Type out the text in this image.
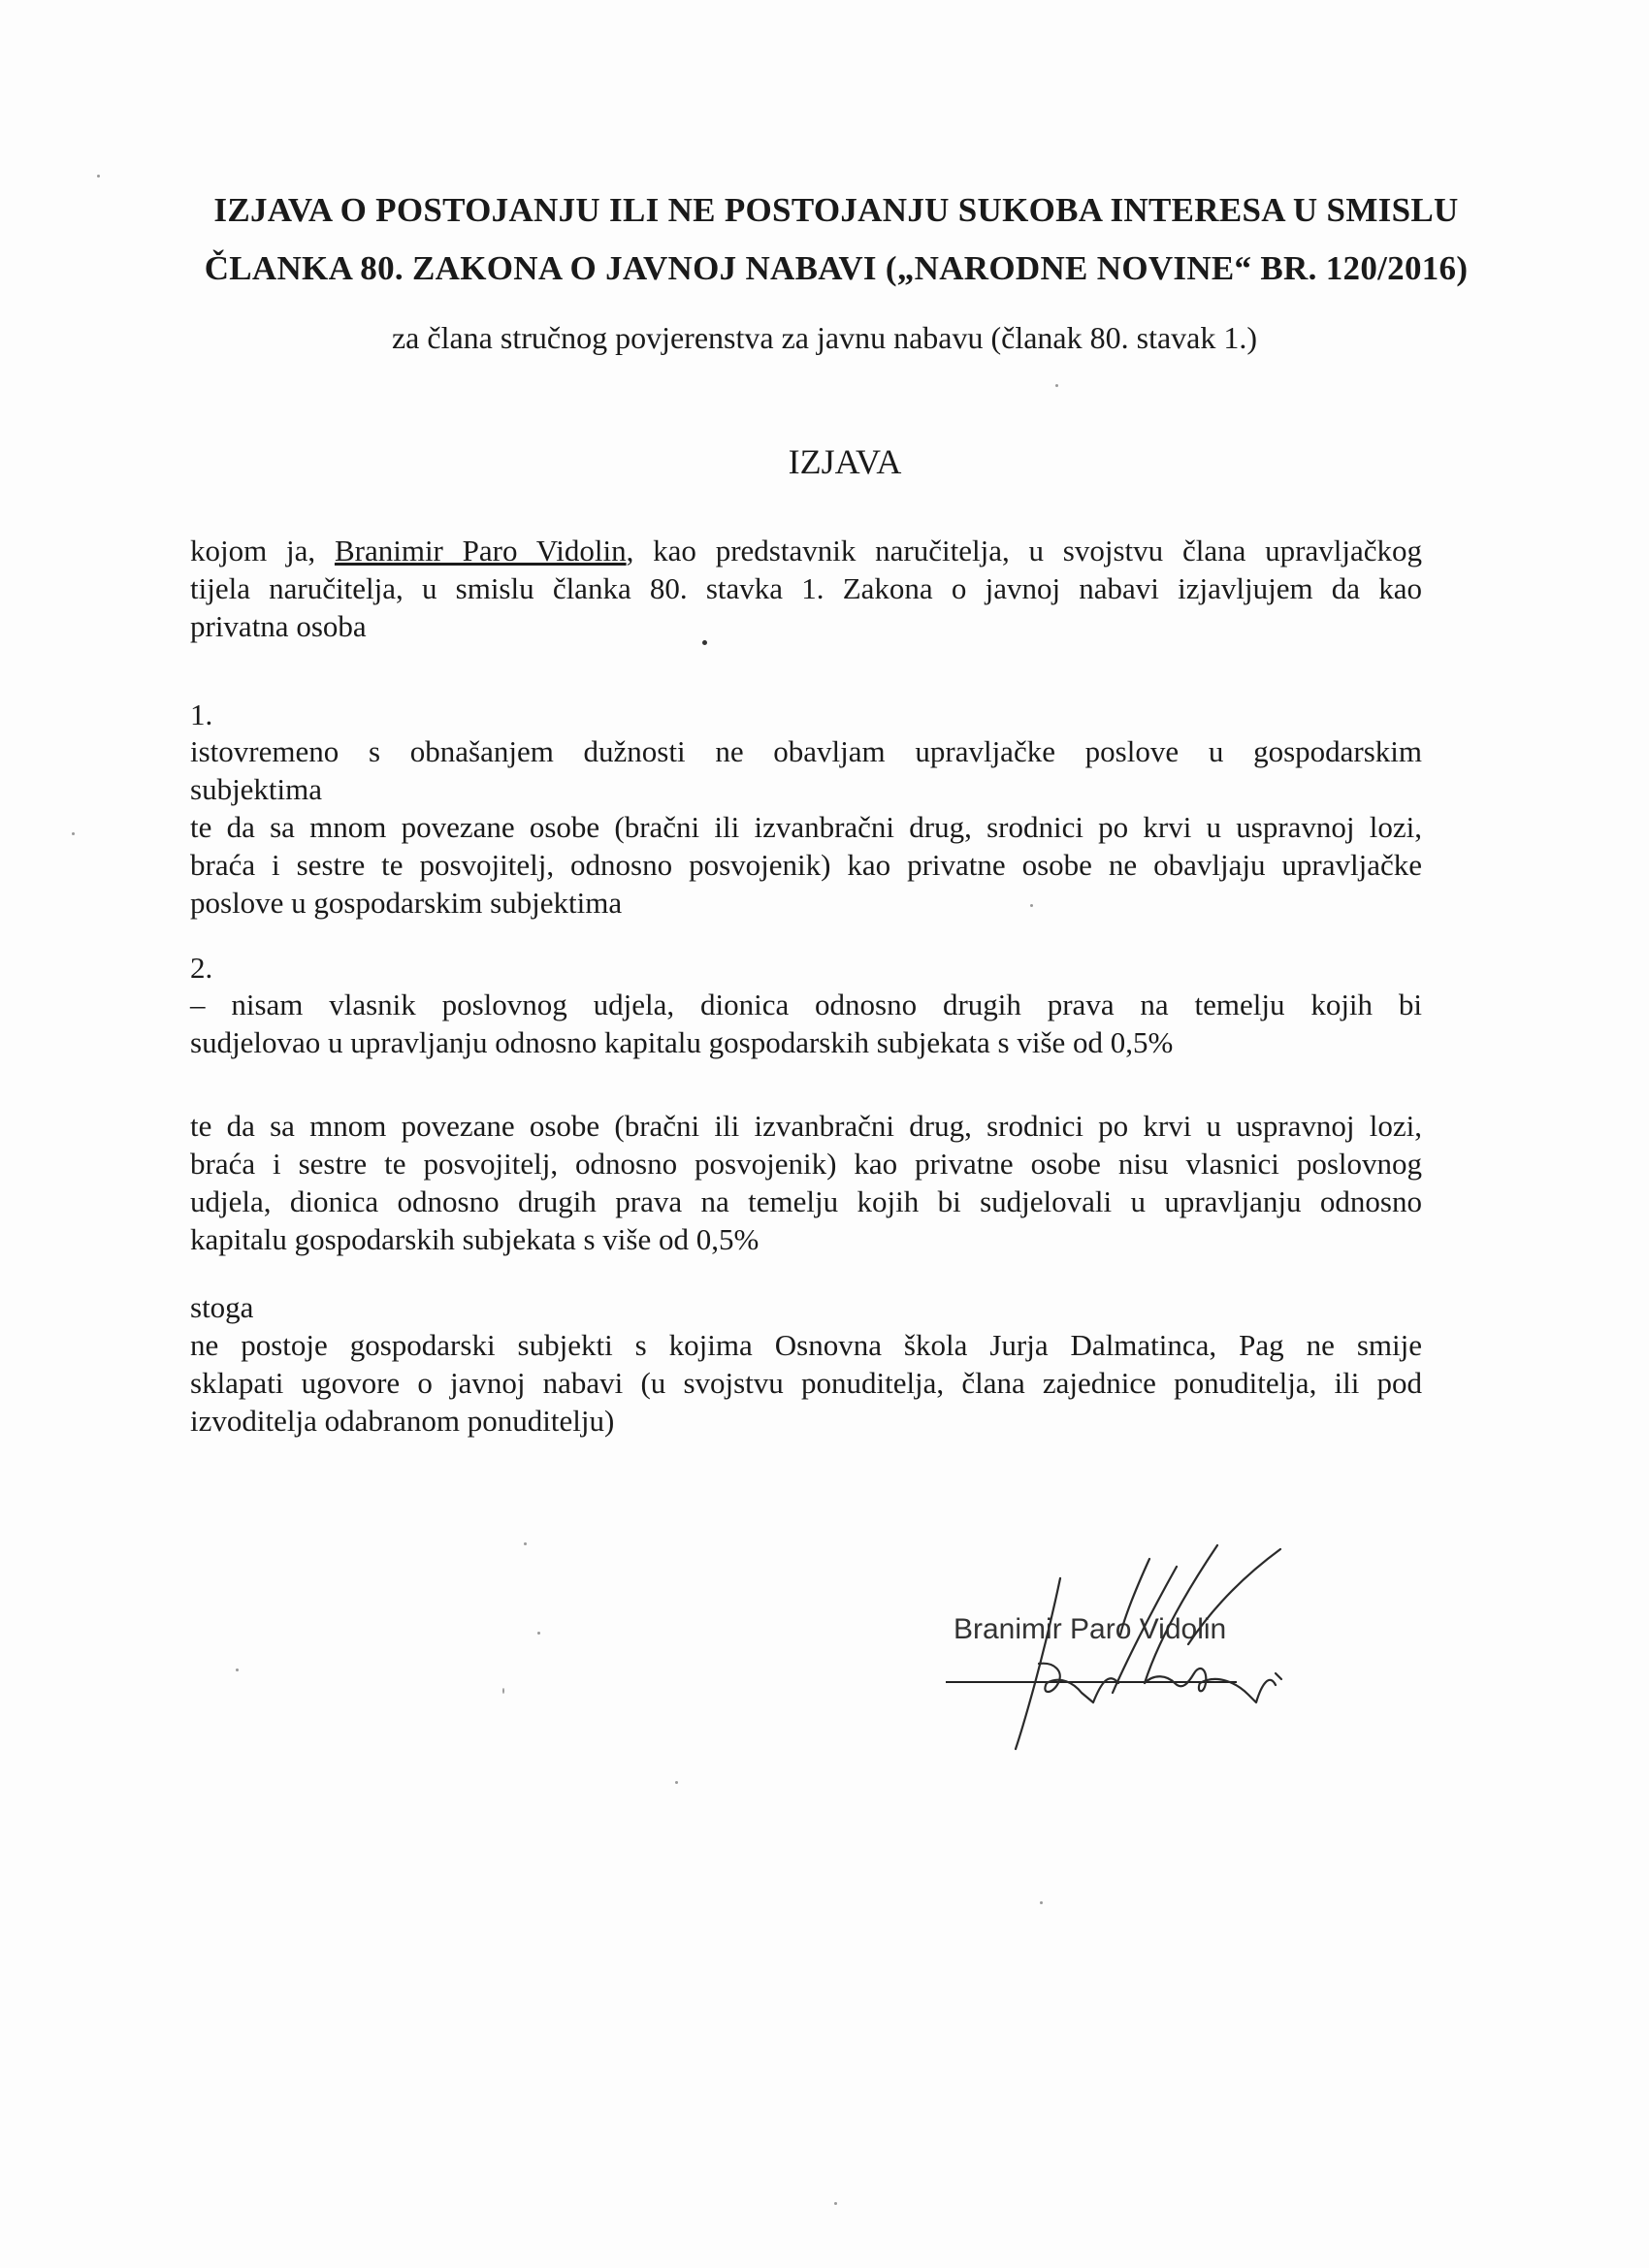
IZJAVA O POSTOJANJU ILI NE POSTOJANJU SUKOBA INTERESA U SMISLU
ČLANKA 80. ZAKONA O JAVNOJ NABAVI („NARODNE NOVINE“ BR. 120/2016)
za člana stručnog povjerenstva za javnu nabavu (članak 80. stavak 1.)
IZJAVA
kojom ja, Branimir Paro Vidolin, kao predstavnik naručitelja, u svojstvu člana upravljačkog
tijela naručitelja, u smislu članka 80. stavka 1. Zakona o javnoj nabavi izjavljujem da kao
privatna osoba
1.
istovremeno s obnašanjem dužnosti ne obavljam upravljačke poslove u gospodarskim
subjektima
te da sa mnom povezane osobe (bračni ili izvanbračni drug, srodnici po krvi u uspravnoj lozi,
braća i sestre te posvojitelj, odnosno posvojenik) kao privatne osobe ne obavljaju upravljačke
poslove u gospodarskim subjektima
2.
– nisam vlasnik poslovnog udjela, dionica odnosno drugih prava na temelju kojih bi
sudjelovao u upravljanju odnosno kapitalu gospodarskih subjekata s više od 0,5%
te da sa mnom povezane osobe (bračni ili izvanbračni drug, srodnici po krvi u uspravnoj lozi,
braća i sestre te posvojitelj, odnosno posvojenik) kao privatne osobe nisu vlasnici poslovnog
udjela, dionica odnosno drugih prava na temelju kojih bi sudjelovali u upravljanju odnosno
kapitalu gospodarskih subjekata s više od 0,5%
stoga
ne postoje gospodarski subjekti s kojima Osnovna škola Jurja Dalmatinca, Pag ne smije
sklapati ugovore o javnoj nabavi (u svojstvu ponuditelja, člana zajednice ponuditelja, ili pod
izvoditelja odabranom ponuditelju)
Branimir Paro Vidolin
